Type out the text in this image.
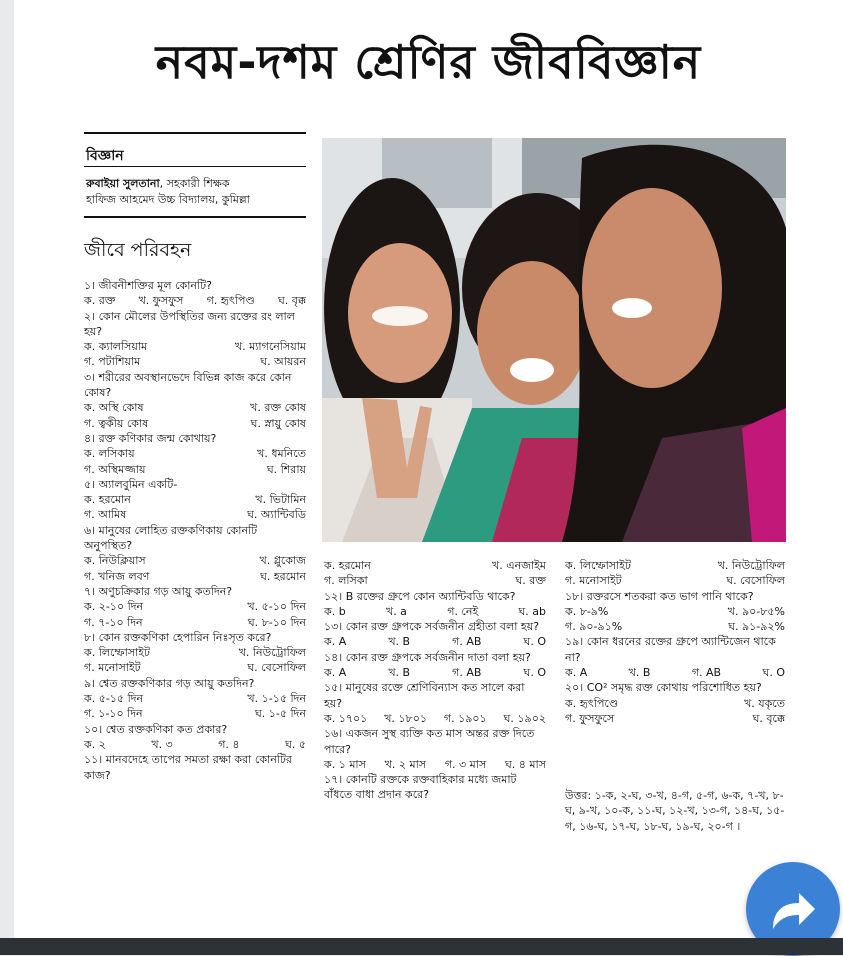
নবম-দশম শ্রেণির জীববিজ্ঞান
বিজ্ঞান
রুবাইয়া সুলতানা, সহকারী শিক্ষক
হাফিজ আহমেদ উচ্চ বিদ্যালয়, কুমিল্লা
জীবে পরিবহন

১। জীবনীশক্তির মূল কোনটি?

ক. রক্ত খ. ফুসফুস গ. হৃৎপিণ্ড ঘ. বৃক্ক

২। কোন মৌলের উপস্থিতির জন্য রক্তের রং লাল হয়?

ক. ক্যালসিয়াম	খ. ম্যাগনেসিয়াম
গ. পটাশিয়াম	ঘ. আয়রন

৩। শরীরের অবস্থানভেদে বিভিন্ন কাজ করে কোন কোষ?

ক. অস্থি কোষ	খ. রক্ত কোষ
গ. ত্বকীয় কোষ	ঘ. স্নায়ু কোষ

৪। রক্ত কণিকার জন্ম কোথায়?

ক. লসিকায়	খ. ধমনিতে
গ. অস্থিমজ্জায়	ঘ. শিরায়

৫। অ্যালবুমিন একটি-

ক. হরমোন	খ. ভিটামিন
গ. আমিষ	ঘ. অ্যান্টিবডি

৬। মানুষের লোহিত রক্তকণিকায় কোনটি অনুপস্থিত?

ক. নিউক্লিয়াস	খ. গ্লুকোজ
গ. খনিজ লবণ	ঘ. হরমোন

৭। অণুচক্রিকার গড় আয়ু কতদিন?

ক. ২-১০ দিন	খ. ৫-১০ দিন
গ. ৭-১০ দিন	ঘ. ৮-১০ দিন

৮। কোন রক্তকণিকা হেপারিন নিঃসৃত করে?

ক. লিম্ফোসাইট	খ. নিউট্রোফিল
গ. মনোসাইট	ঘ. বেসোফিল

৯। শ্বেত রক্তকণিকার গড় আয়ু কতদিন?

ক. ৫-১৫ দিন	খ. ১-১৫ দিন
গ. ১-১০ দিন	ঘ. ১-৫ দিন

১০। শ্বেত রক্তকণিকা কত প্রকার?

ক. ২	খ. ৩	গ. ৪	ঘ. ৫

১১। মানবদেহে তাপের সমতা রক্ষা করা কোনটির কাজ?

ক. হরমোন	খ. এনজাইম
গ. লসিকা	ঘ. রক্ত

১২। B রক্তের গ্রুপে কোন অ্যান্টিবডি থাকে?

ক. b	খ. a	গ. নেই	ঘ. ab

১৩। কোন রক্ত গ্রুপকে সর্বজনীন গ্রহীতা বলা হয়?

ক. A	খ. B	গ. AB	ঘ. O

১৪। কোন রক্ত গ্রুপকে সর্বজনীন দাতা বলা হয়?

ক. A	খ. B	গ. AB	ঘ. O

১৫। মানুষের রক্তে শ্রেণিবিন্যাস কত সালে করা হয়?

ক. ১৭০১ খ. ১৮০১ গ. ১৯০১ ঘ. ১৯০২

১৬। একজন সুস্থ ব্যক্তি কত মাস অন্তর রক্ত দিতে পারে?

ক. ১ মাস খ. ২ মাস গ. ৩ মাস ঘ. ৪ মাস

১৭। কোনটি রক্তকে রক্তবাহিকার মধ্যে জমাট বাঁধতে বাধা প্রদান করে?

ক. লিম্ফোসাইট	খ. নিউট্রোফিল
গ. মনোসাইট	ঘ. বেসোফিল

১৮। রক্তরসে শতকরা কত ভাগ পানি থাকে?

ক. ৮-৯%	খ. ৯০-৮৫%
গ. ৯০-৯১%	ঘ. ৯১-৯২%

১৯। কোন ধরনের রক্তের গ্রুপে অ্যান্টিজেন থাকে না?

ক. A	খ. B	গ. AB	ঘ. O

২০। CO² সমৃদ্ধ রক্ত কোথায় পরিশোধিত হয়?

ক. হৃৎপিণ্ডে	খ. যকৃতে
গ. ফুসফুসে	ঘ. বৃক্কে
উত্তর: ১-ক, ২-ঘ, ৩-খ, ৪-গ, ৫-গ, ৬-ক, ৭-খ, ৮-ঘ, ৯-খ, ১০-ক, ১১-ঘ, ১২-খ, ১৩-গ, ১৪-ঘ, ১৫-গ, ১৬-ঘ, ১৭-ঘ, ১৮-ঘ, ১৯-ঘ, ২০-গ ।
